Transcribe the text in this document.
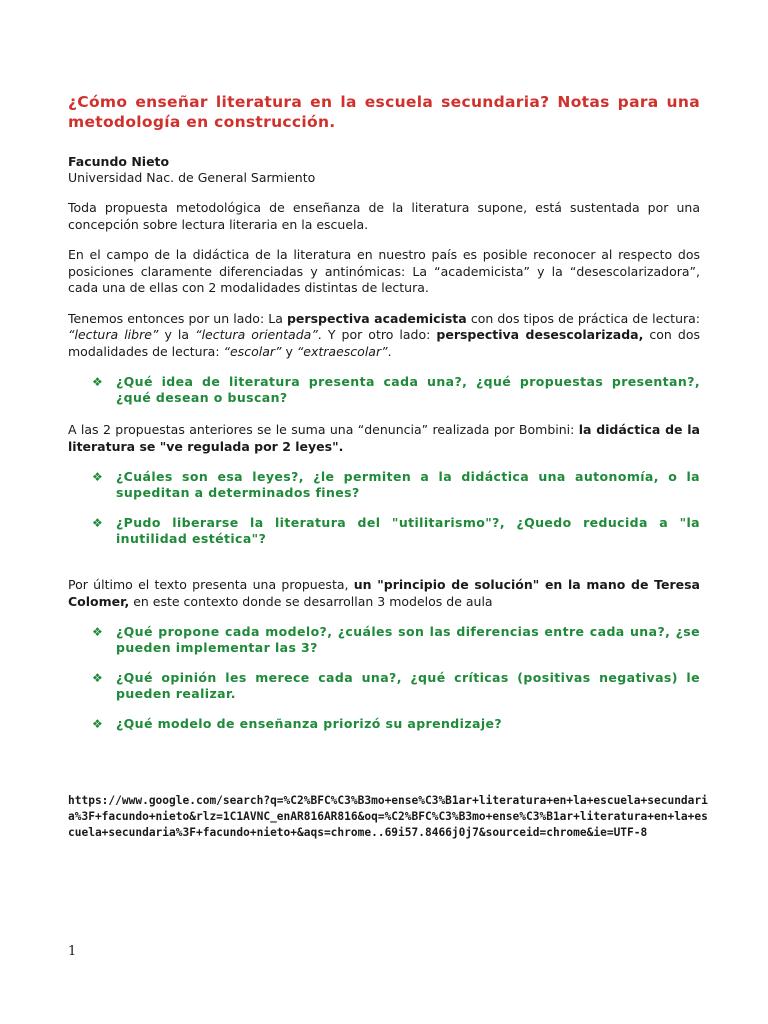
¿Cómo enseñar literatura en la escuela secundaria? Notas para una metodología en construcción.
Facundo Nieto
Universidad Nac. de General Sarmiento

Toda propuesta metodológica de enseñanza de la literatura supone, está sustentada por una concepción sobre lectura literaria en la escuela.

En el campo de la didáctica de la literatura en nuestro país es posible reconocer al respecto dos posiciones claramente diferenciadas y antinómicas: La “academicista” y la “desescolarizadora”, cada una de ellas con 2 modalidades distintas de lectura.

Tenemos entonces por un lado: La perspectiva academicista con dos tipos de práctica de lectura: “lectura libre” y la “lectura orientada”. Y por otro lado: perspectiva desescolarizada, con dos modalidades de lectura: “escolar” y “extraescolar”.

❖ ¿Qué idea de literatura presenta cada una?, ¿qué propuestas presentan?, ¿qué desean o buscan?

A las 2 propuestas anteriores se le suma una “denuncia” realizada por Bombini: la didáctica de la literatura se "ve regulada por 2 leyes".

❖ ¿Cuáles son esa leyes?, ¿le permiten a la didáctica una autonomía, o la supeditan a determinados fines?
❖ ¿Pudo liberarse la literatura del "utilitarismo"?, ¿Quedo reducida a "la inutilidad estética"?

Por último el texto presenta una propuesta, un "principio de solución" en la mano de Teresa Colomer, en este contexto donde se desarrollan 3 modelos de aula

❖ ¿Qué propone cada modelo?, ¿cuáles son las diferencias entre cada una?, ¿se pueden implementar las 3?
❖ ¿Qué opinión les merece cada una?, ¿qué críticas (positivas negativas) le pueden realizar.
❖ ¿Qué modelo de enseñanza priorizó su aprendizaje?
https://www.google.com/search?q=%C2%BFC%C3%B3mo+ense%C3%B1ar+literatura+en+la+escuela+secundaria%3F+facundo+nieto&rlz=1C1AVNC_enAR816AR816&oq=%C2%BFC%C3%B3mo+ense%C3%B1ar+literatura+en+la+escuela+secundaria%3F+facundo+nieto+&aqs=chrome..69i57.8466j0j7&sourceid=chrome&ie=UTF-8
1
